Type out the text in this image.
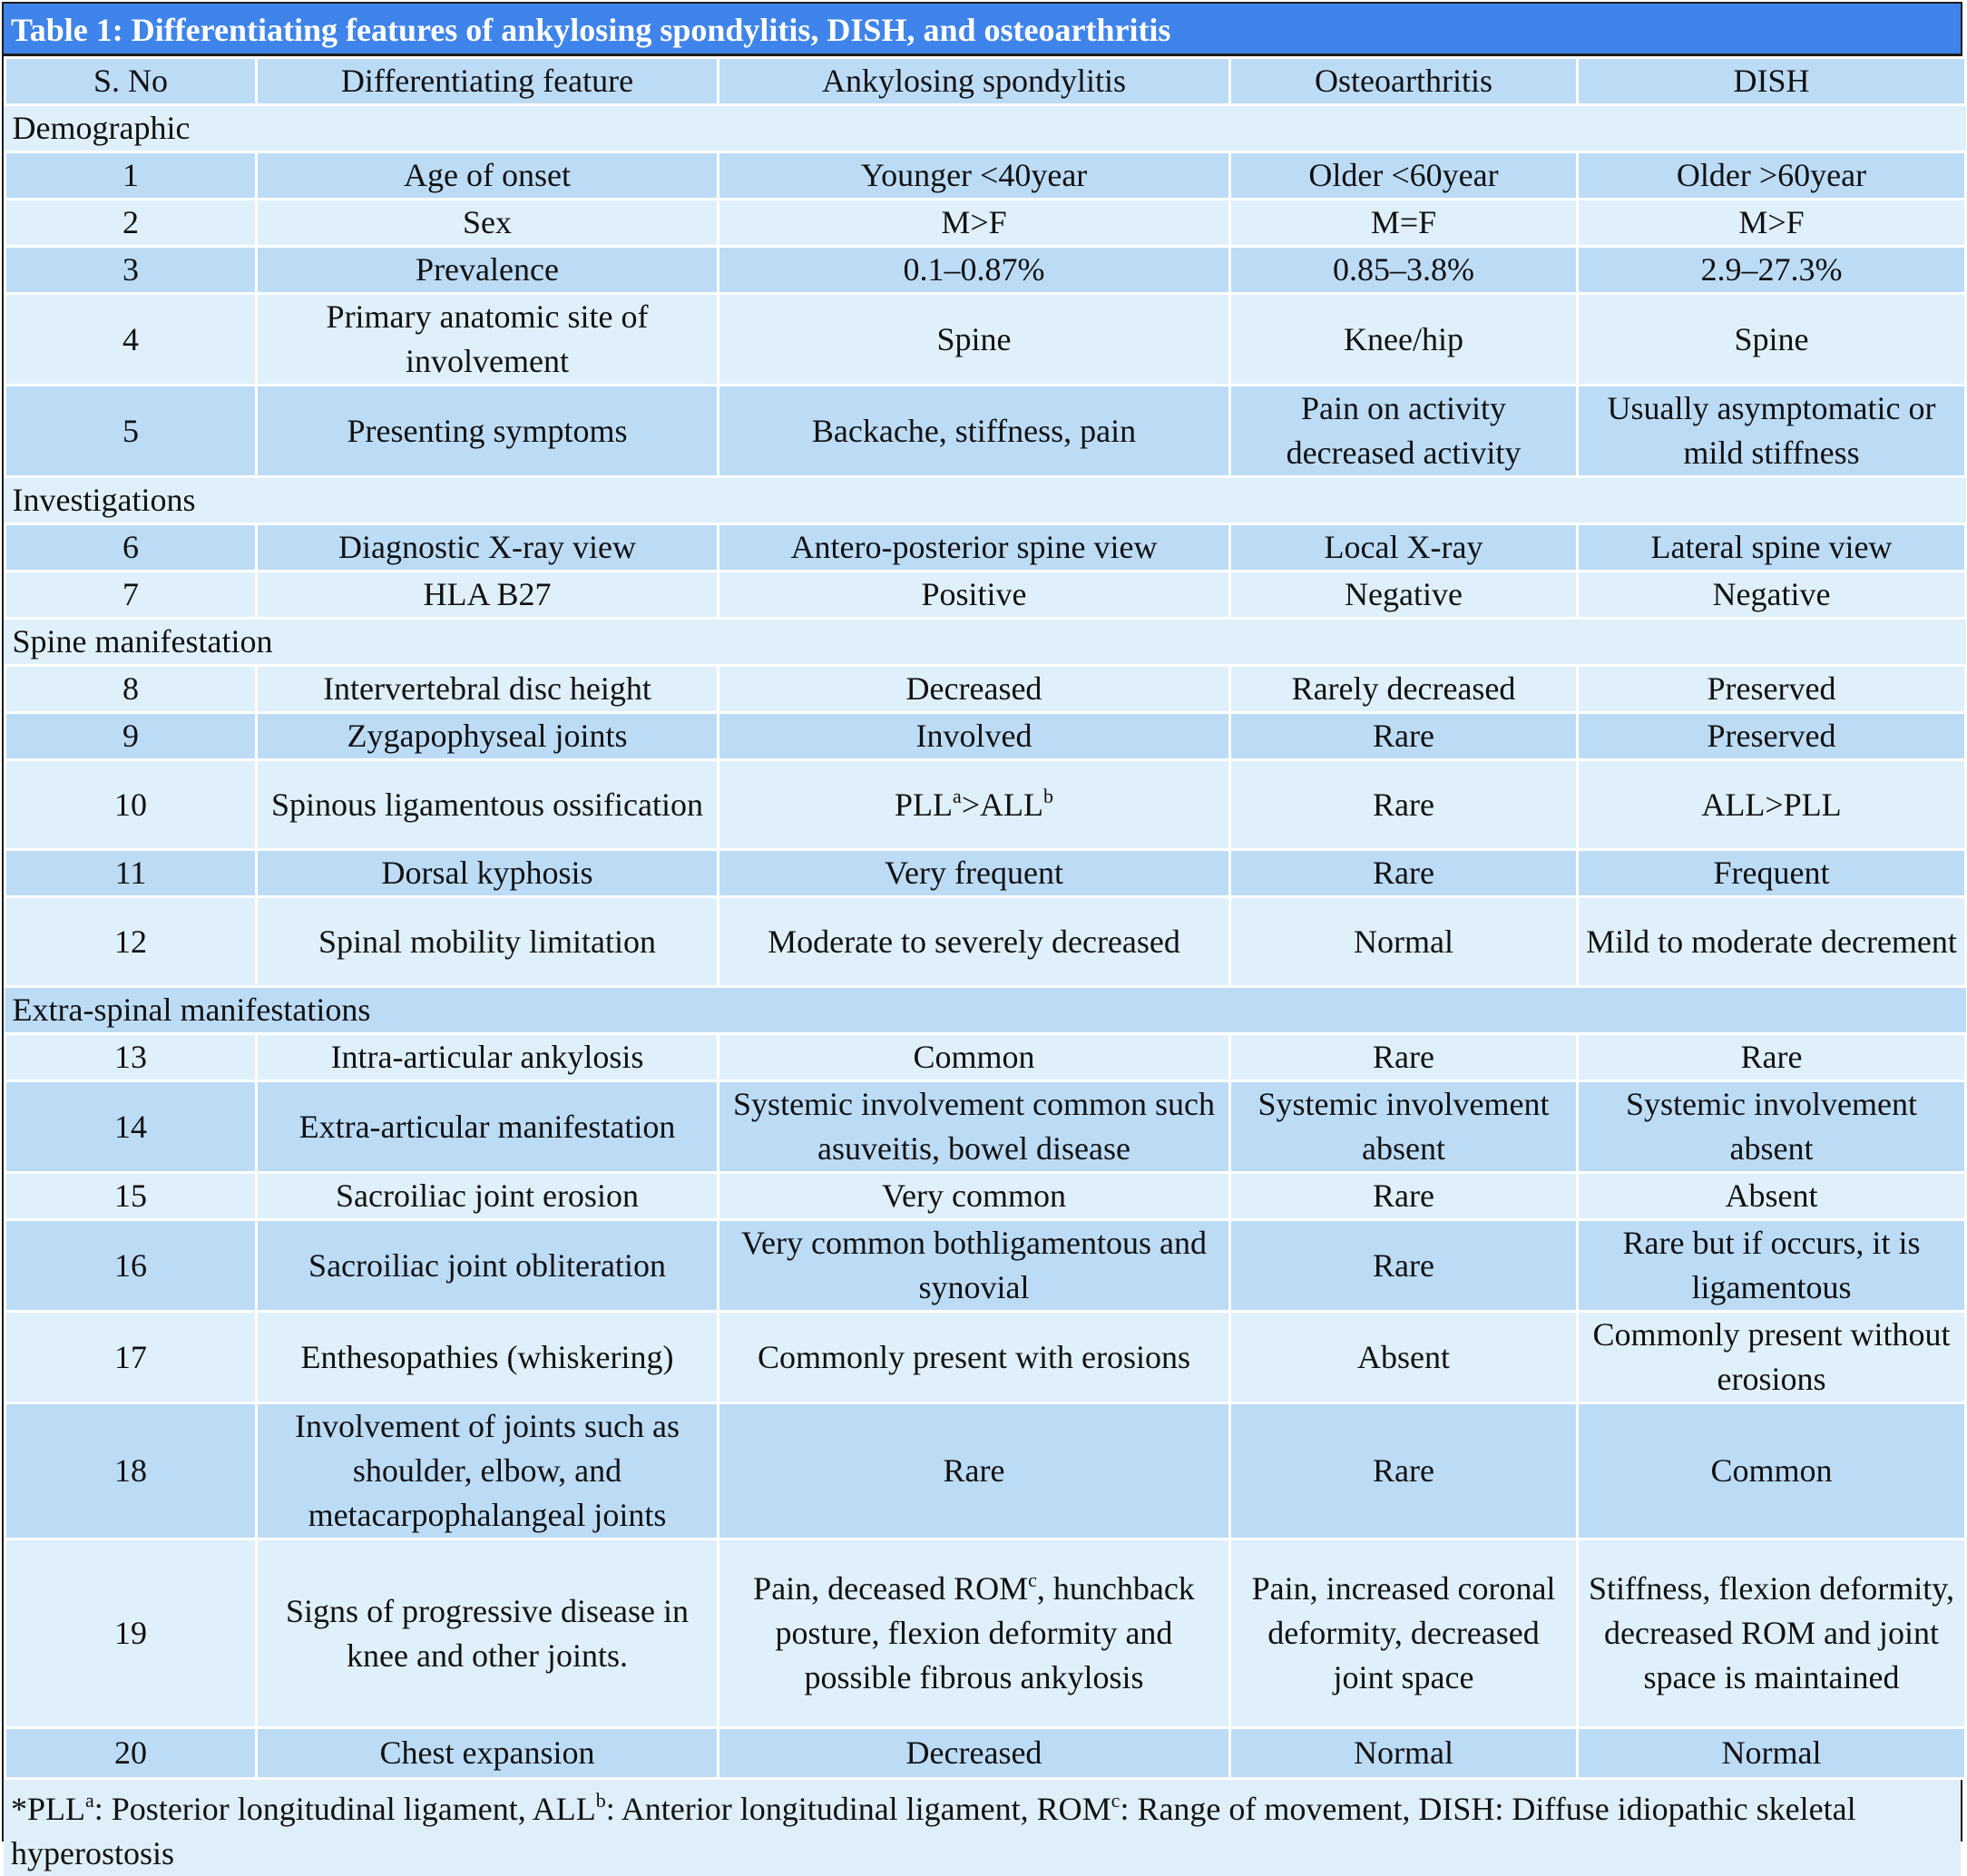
Table 1: Differentiating features of ankylosing spondylitis, DISH, and osteoarthritis
S. No	Differentiating feature	Ankylosing spondylitis	Osteoarthritis	DISH
Demographic				
1	Age of onset	Younger <40year	Older <60year	Older >60year
2	Sex	M>F	M=F	M>F
3	Prevalence	0.1–0.87%	0.85–3.8%	2.9–27.3%
4	Primary anatomic site of involvement	Spine	Knee/hip	Spine
5	Presenting symptoms	Backache, stiffness, pain	Pain on activity decreased activity	Usually asymptomatic or mild stiffness
Investigations				
6	Diagnostic X-ray view	Antero-posterior spine view	Local X-ray	Lateral spine view
7	HLA B27	Positive	Negative	Negative
Spine manifestation				
8	Intervertebral disc height	Decreased	Rarely decreased	Preserved
9	Zygapophyseal joints	Involved	Rare	Preserved
10	Spinous ligamentous ossification	$PLL^a>ALL^b$	Rare	ALL>PLL
11	Dorsal kyphosis	Very frequent	Rare	Frequent
12	Spinal mobility limitation	Moderate to severely decreased	Normal	Mild to moderate decrement
Extra-spinal manifestations				
13	Intra-articular ankylosis	Common	Rare	Rare
14	Extra-articular manifestation	Systemic involvement common such asuveitis, bowel disease	Systemic involvement absent	Systemic involvement absent
15	Sacroiliac joint erosion	Very common	Rare	Absent
16	Sacroiliac joint obliteration	Very common bothligamentous and synovial	Rare	Rare but if occurs, it is ligamentous
17	Enthesopathies (whiskering)	Commonly present with erosions	Absent	Commonly present without erosions
18	Involvement of joints such as shoulder, elbow, and metacarpophalangeal joints	Rare	Rare	Common
19	Signs of progressive disease in knee and other joints.	Pain, deceased ROM$^c$, hunchback posture, flexion deformity and possible fibrous ankylosis	Pain, increased coronal deformity, decreased joint space	Stiffness, flexion deformity, decreased ROM and joint space is maintained
20	Chest expansion	Decreased	Normal	Normal
*PLL$^a$: Posterior longitudinal ligament, ALL$^b$: Anterior longitudinal ligament, ROM$^c$: Range of movement, DISH: Diffuse idiopathic skeletal hyperostosis
